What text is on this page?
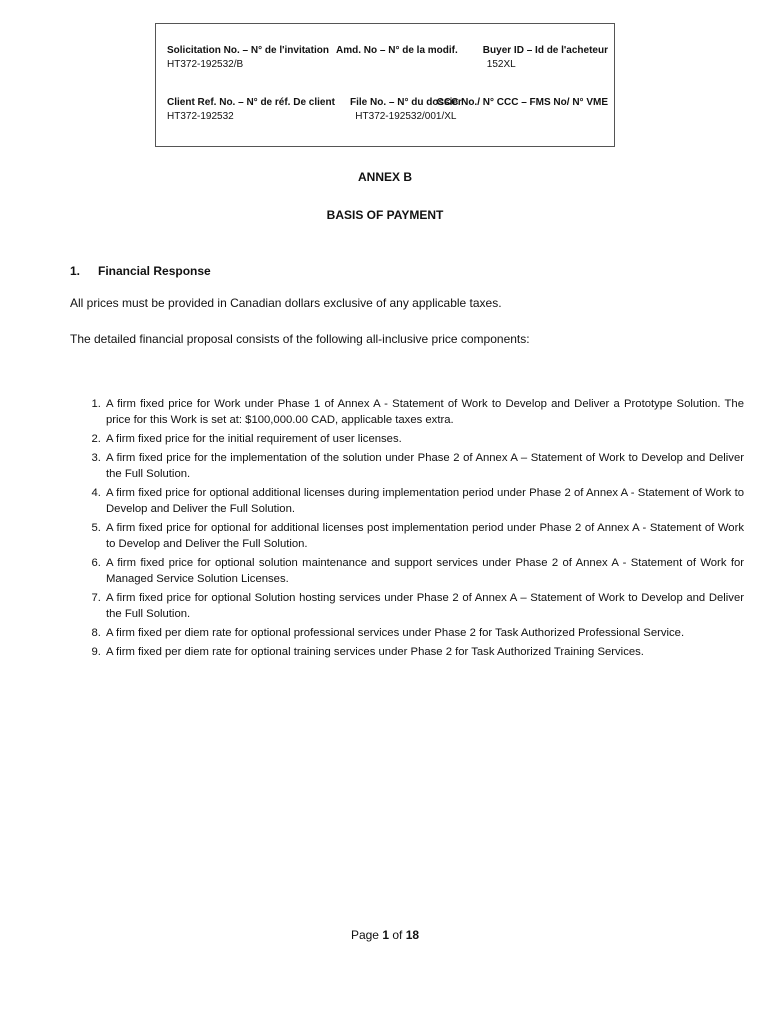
Solicitation No. – N° de l'invitation
HT372-192532/B
Amd. No – N° de la modif.	Buyer ID – Id de l'acheteur
152XL
Client Ref. No. – N° de réf. De client
HT372-192532
File No. – N° du dossier
HT372-192532/001/XL
CCC No./ N° CCC – FMS No/ N° VME
ANNEX B
BASIS OF PAYMENT
1. Financial Response
All prices must be provided in Canadian dollars exclusive of any applicable taxes.
The detailed financial proposal consists of the following all-inclusive price components:
1. A firm fixed price for Work under Phase 1 of Annex A - Statement of Work to Develop and Deliver a Prototype Solution. The price for this Work is set at: $100,000.00 CAD, applicable taxes extra.
2. A firm fixed price for the initial requirement of user licenses.
3. A firm fixed price for the implementation of the solution under Phase 2 of Annex A – Statement of Work to Develop and Deliver the Full Solution.
4. A firm fixed price for optional additional licenses during implementation period under Phase 2 of Annex A - Statement of Work to Develop and Deliver the Full Solution.
5. A firm fixed price for optional for additional licenses post implementation period under Phase 2 of Annex A - Statement of Work to Develop and Deliver the Full Solution.
6. A firm fixed price for optional solution maintenance and support services under Phase 2 of Annex A - Statement of Work for Managed Service Solution Licenses.
7. A firm fixed price for optional Solution hosting services under Phase 2 of Annex A – Statement of Work to Develop and Deliver the Full Solution.
8. A firm fixed per diem rate for optional professional services under Phase 2 for Task Authorized Professional Service.
9. A firm fixed per diem rate for optional training services under Phase 2 for Task Authorized Training Services.
Page 1 of 18
